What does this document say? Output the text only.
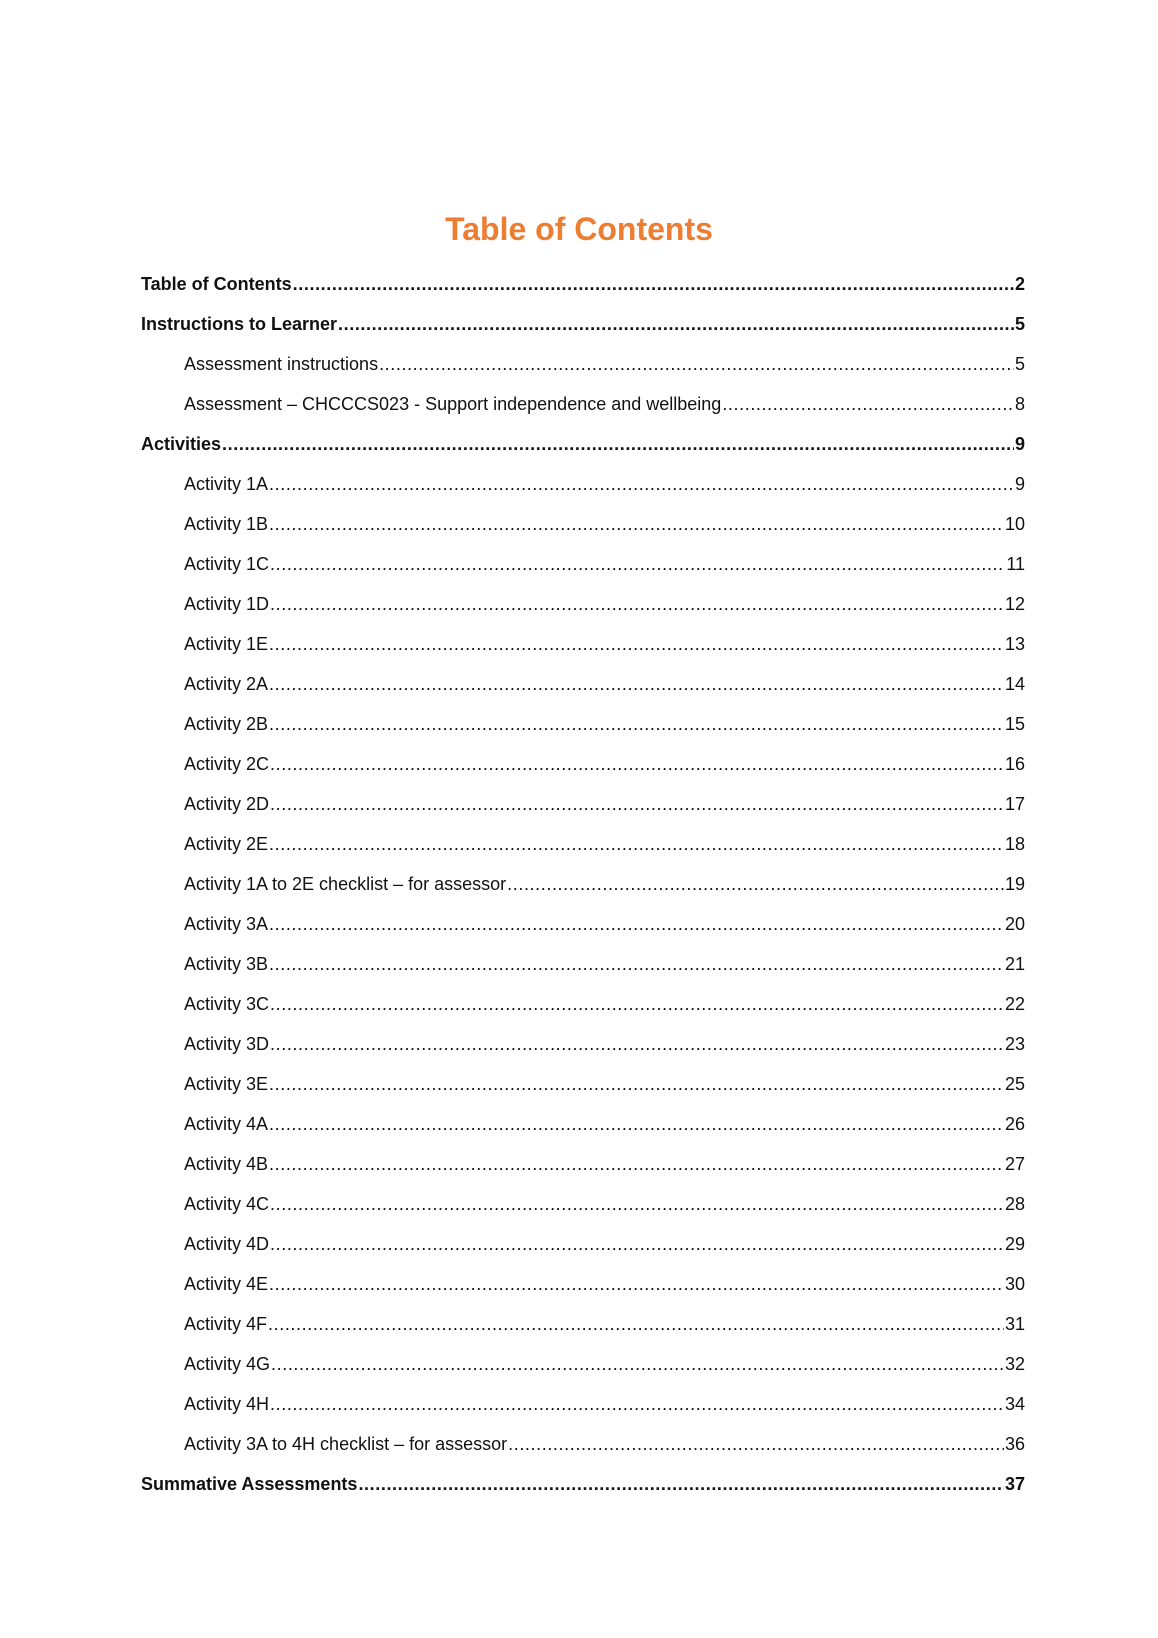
Table of Contents
Table of Contents .....	2
Instructions to Learner .....	5
Assessment instructions .....	5
Assessment – CHCCCS023 - Support independence and wellbeing .....	8
Activities .....	9
Activity 1A .....	9
Activity 1B .....	10
Activity 1C .....	11
Activity 1D .....	12
Activity 1E .....	13
Activity 2A .....	14
Activity 2B .....	15
Activity 2C .....	16
Activity 2D .....	17
Activity 2E .....	18
Activity 1A to 2E checklist – for assessor .....	19
Activity 3A .....	20
Activity 3B .....	21
Activity 3C .....	22
Activity 3D .....	23
Activity 3E .....	25
Activity 4A .....	26
Activity 4B .....	27
Activity 4C .....	28
Activity 4D .....	29
Activity 4E .....	30
Activity 4F .....	31
Activity 4G .....	32
Activity 4H .....	34
Activity 3A to 4H checklist – for assessor .....	36
Summative Assessments .....	37
